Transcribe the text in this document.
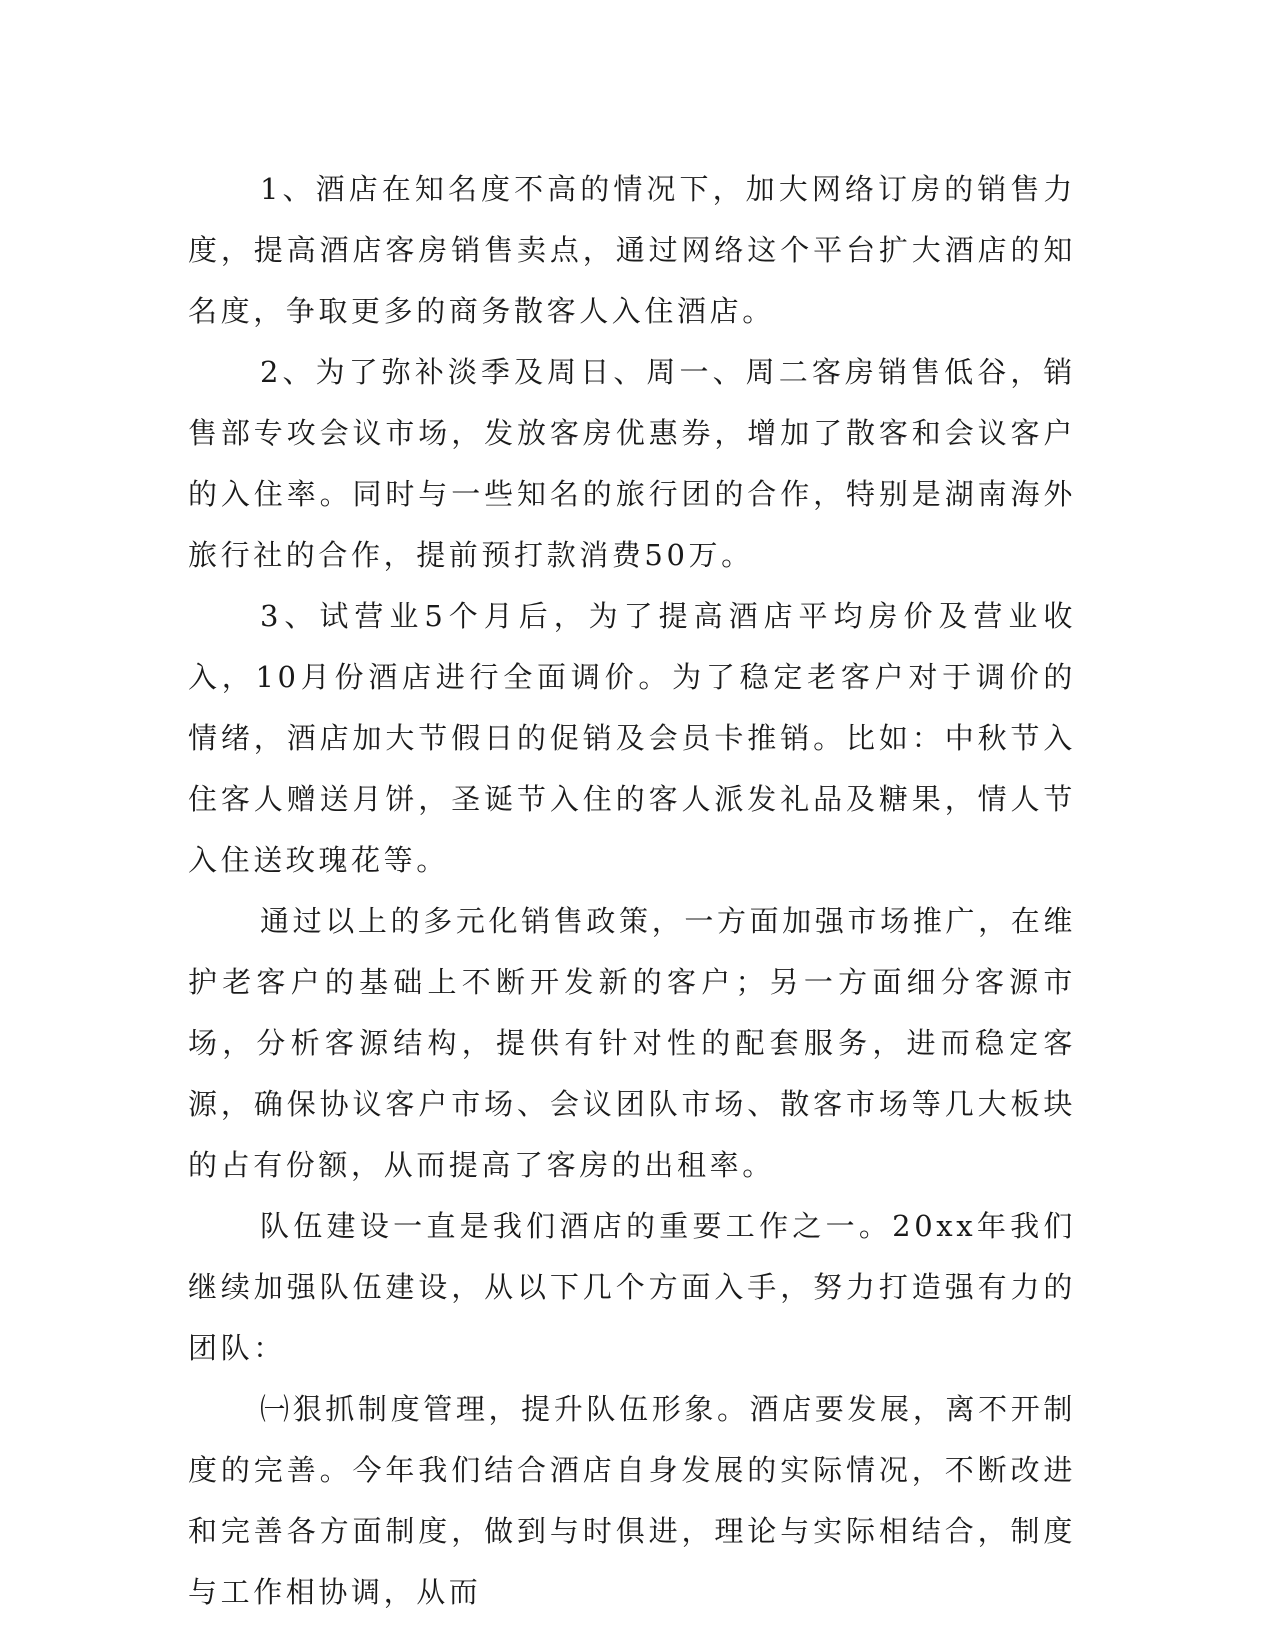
1、酒店在知名度不高的情况下，加大网络订房的销售力度，提高酒店客房销售卖点，通过网络这个平台扩大酒店的知名度，争取更多的商务散客人入住酒店。

2、为了弥补淡季及周日、周一、周二客房销售低谷，销售部专攻会议市场，发放客房优惠券，增加了散客和会议客户的入住率。同时与一些知名的旅行团的合作，特别是湖南海外旅行社的合作，提前预打款消费50万。

3、试营业5个月后，为了提高酒店平均房价及营业收入，10月份酒店进行全面调价。为了稳定老客户对于调价的情绪，酒店加大节假日的促销及会员卡推销。比如：中秋节入住客人赠送月饼，圣诞节入住的客人派发礼品及糖果，情人节入住送玫瑰花等。

通过以上的多元化销售政策，一方面加强市场推广，在维护老客户的基础上不断开发新的客户；另一方面细分客源市场，分析客源结构，提供有针对性的配套服务，进而稳定客源，确保协议客户市场、会议团队市场、散客市场等几大板块的占有份额，从而提高了客房的出租率。

队伍建设一直是我们酒店的重要工作之一。20xx年我们继续加强队伍建设，从以下几个方面入手，努力打造强有力的团队：

㈠狠抓制度管理，提升队伍形象。酒店要发展，离不开制度的完善。今年我们结合酒店自身发展的实际情况，不断改进和完善各方面制度，做到与时俱进，理论与实际相结合，制度与工作相协调，从而
